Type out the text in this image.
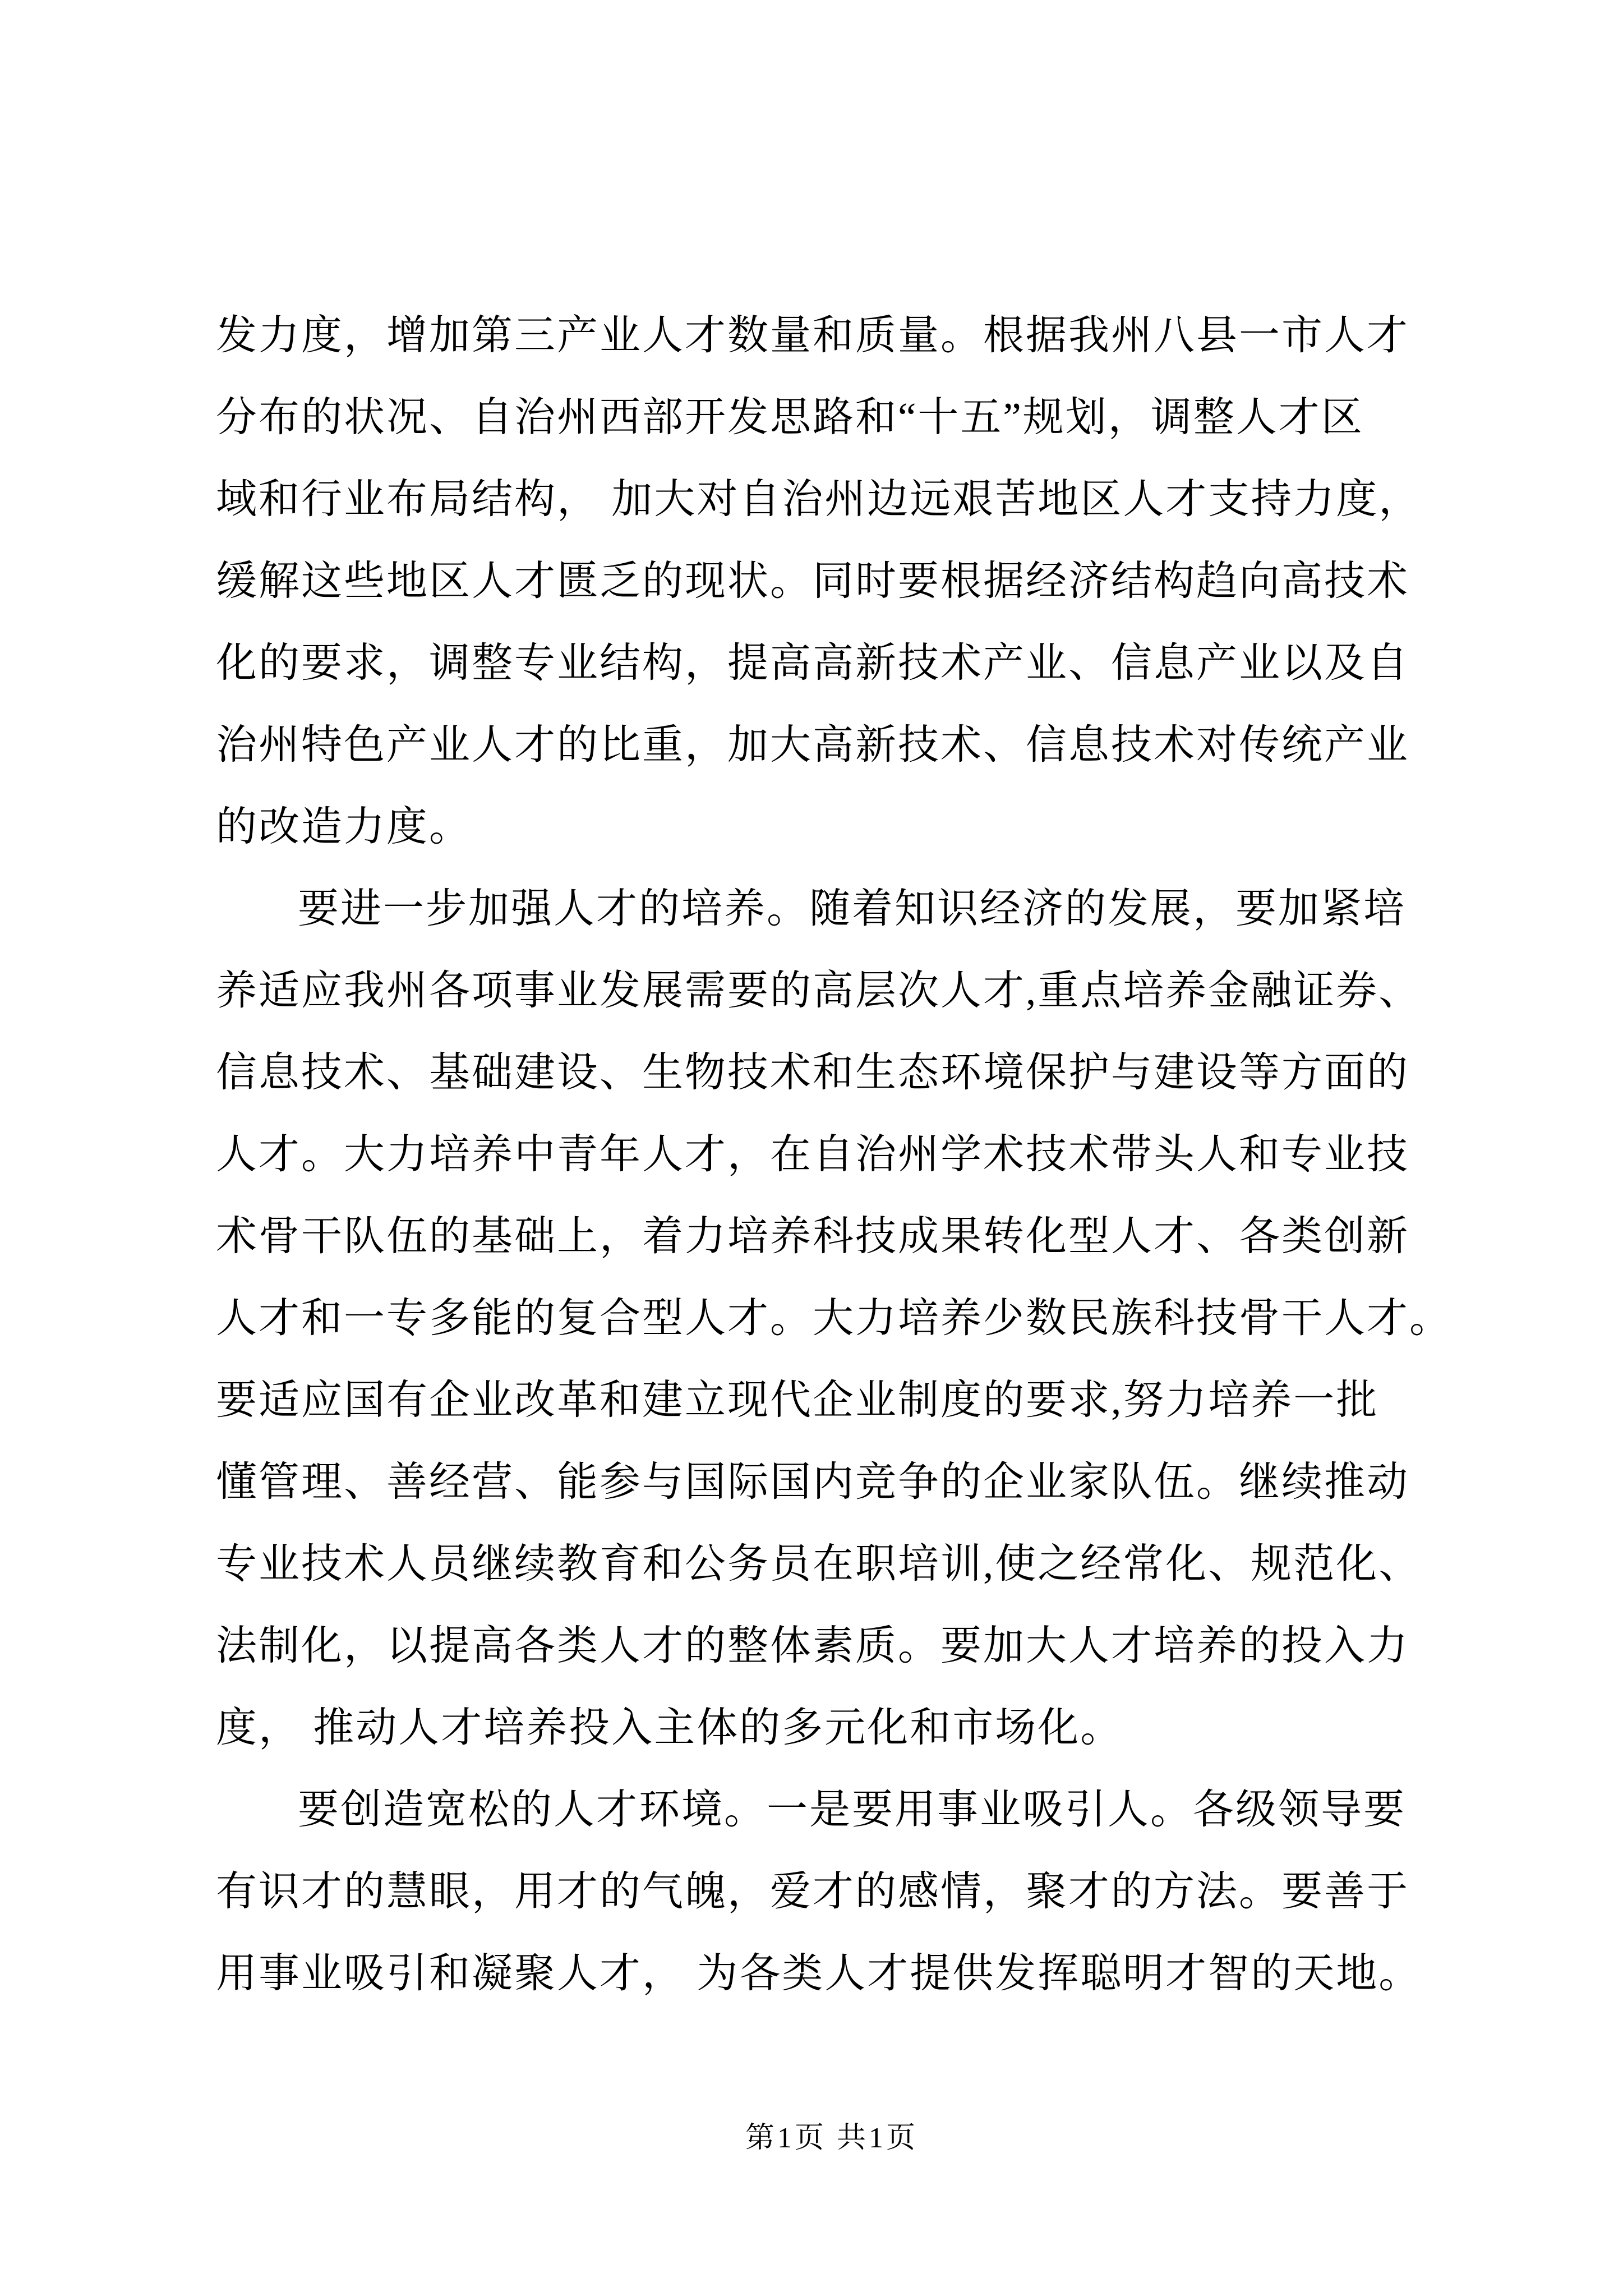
发力度，增加第三产业人才数量和质量。根据我州八县一市人才
分布的状况、自治州西部开发思路和“十五”规划，调整人才区
域和行业布局结构， 加大对自治州边远艰苦地区人才支持力度，
缓解这些地区人才匮乏的现状。同时要根据经济结构趋向高技术
化的要求，调整专业结构，提高高新技术产业、信息产业以及自
治州特色产业人才的比重，加大高新技术、信息技术对传统产业
的改造力度。
要进一步加强人才的培养。随着知识经济的发展，要加紧培
养适应我州各项事业发展需要的高层次人才,重点培养金融证券、
信息技术、基础建设、生物技术和生态环境保护与建设等方面的
人才。大力培养中青年人才，在自治州学术技术带头人和专业技
术骨干队伍的基础上，着力培养科技成果转化型人才、各类创新
人才和一专多能的复合型人才。大力培养少数民族科技骨干人才。
要适应国有企业改革和建立现代企业制度的要求,努力培养一批
懂管理、善经营、能参与国际国内竞争的企业家队伍。继续推动
专业技术人员继续教育和公务员在职培训,使之经常化、规范化、
法制化，以提高各类人才的整体素质。要加大人才培养的投入力
度， 推动人才培养投入主体的多元化和市场化。
要创造宽松的人才环境。一是要用事业吸引人。各级领导要
有识才的慧眼，用才的气魄，爱才的感情，聚才的方法。要善于
用事业吸引和凝聚人才， 为各类人才提供发挥聪明才智的天地。
第1页 共1页
